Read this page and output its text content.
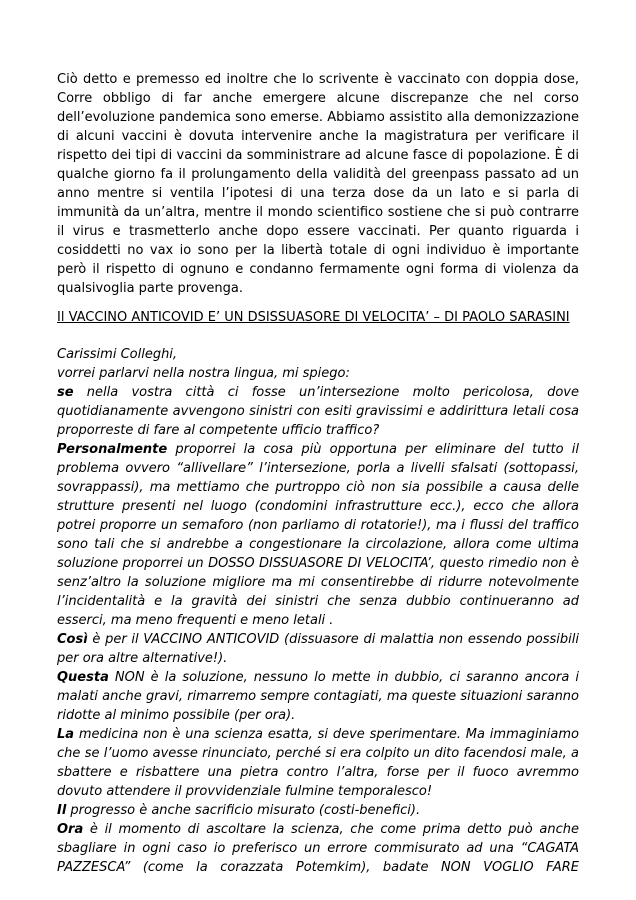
Ciò detto e premesso ed inoltre che lo scrivente è vaccinato con doppia dose, Corre obbligo di far anche emergere alcune discrepanze che nel corso dell’evoluzione pandemica sono emerse. Abbiamo assistito alla demonizzazione di alcuni vaccini è dovuta intervenire anche la magistratura per verificare il rispetto dei tipi di vaccini da somministrare ad alcune fasce di popolazione. È di qualche giorno fa il prolungamento della validità del greenpass passato ad un anno mentre si ventila l’ipotesi di una terza dose da un lato e si parla di immunità da un’altra, mentre il mondo scientifico sostiene che si può contrarre il virus e trasmetterlo anche dopo essere vaccinati. Per quanto riguarda i cosiddetti no vax io sono per la libertà totale di ogni individuo è importante però il rispetto di ognuno e condanno fermamente ogni forma di violenza da qualsivoglia parte provenga.

Il VACCINO ANTICOVID E’ UN DSISSUASORE DI VELOCITA’ – DI PAOLO SARASINI
Carissimi Colleghi,
vorrei parlarvi nella nostra lingua, mi spiego:

se nella vostra città ci fosse un’intersezione molto pericolosa, dove quotidianamente avvengono sinistri con esiti gravissimi e addirittura letali cosa proporreste di fare al competente ufficio traffico?

Personalmente proporrei la cosa più opportuna per eliminare del tutto il problema ovvero “allivellare” l’intersezione, porla a livelli sfalsati (sottopassi, sovrappassi), ma mettiamo che purtroppo ciò non sia possibile a causa delle strutture presenti nel luogo (condomini infrastrutture ecc.), ecco che allora potrei proporre un semaforo (non parliamo di rotatorie!), ma i flussi del traffico sono tali che si andrebbe a congestionare la circolazione, allora come ultima soluzione proporrei un DOSSO DISSUASORE DI VELOCITA’, questo rimedio non è senz’altro la soluzione migliore ma mi consentirebbe di ridurre notevolmente l’incidentalità e la gravità dei sinistri che senza dubbio continueranno ad esserci, ma meno frequenti e meno letali .

Così è per il VACCINO ANTICOVID (dissuasore di malattia non essendo possibili per ora altre alternative!).

Questa NON è la soluzione, nessuno lo mette in dubbio, ci saranno ancora i malati anche gravi, rimarremo sempre contagiati, ma queste situazioni saranno ridotte al minimo possibile (per ora).

La medicina non è una scienza esatta, si deve sperimentare. Ma immaginiamo che se l’uomo avesse rinunciato, perché si era colpito un dito facendosi male, a sbattere e risbattere una pietra contro l’altra, forse per il fuoco avremmo dovuto attendere il provvidenziale fulmine temporalesco!

Il progresso è anche sacrificio misurato (costi-benefici).

Ora è il momento di ascoltare la scienza, che come prima detto può anche sbagliare in ogni caso io preferisco un errore commisurato ad una “CAGATA PAZZESCA” (come la corazzata Potemkim), badate NON VOGLIO FARE
